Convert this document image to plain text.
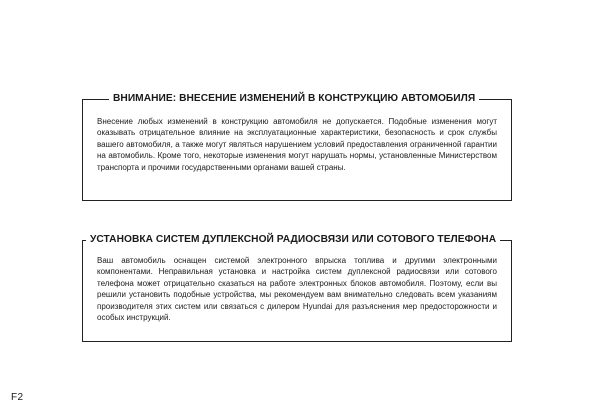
ВНИМАНИЕ: ВНЕСЕНИЕ ИЗМЕНЕНИЙ В КОНСТРУКЦИЮ АВТОМОБИЛЯ
Внесение любых изменений в конструкцию автомобиля не допускается. Подобные изменения могут оказывать отрицательное влияние на эксплуатационные характеристики, безопасность и срок службы вашего автомобиля, а также могут являться нарушением условий предоставления ограниченной гарантии на автомобиль. Кроме того, некоторые изменения могут нарушать нормы, установленные Министерством транспорта и прочими государственными органами вашей страны.
УСТАНОВКА СИСТЕМ ДУПЛЕКСНОЙ РАДИОСВЯЗИ ИЛИ СОТОВОГО ТЕЛЕФОНА
Ваш автомобиль оснащен системой электронного впрыска топлива и другими электронными компонентами. Неправильная установка и настройка систем дуплексной радиосвязи или сотового телефона может отрицательно сказаться на работе электронных блоков автомобиля. Поэтому, если вы решили установить подобные устройства, мы рекомендуем вам внимательно следовать всем указаниям производителя этих систем или связаться с дилером Hyundai для разъяснения мер предосторожности и особых инструкций.
F2
